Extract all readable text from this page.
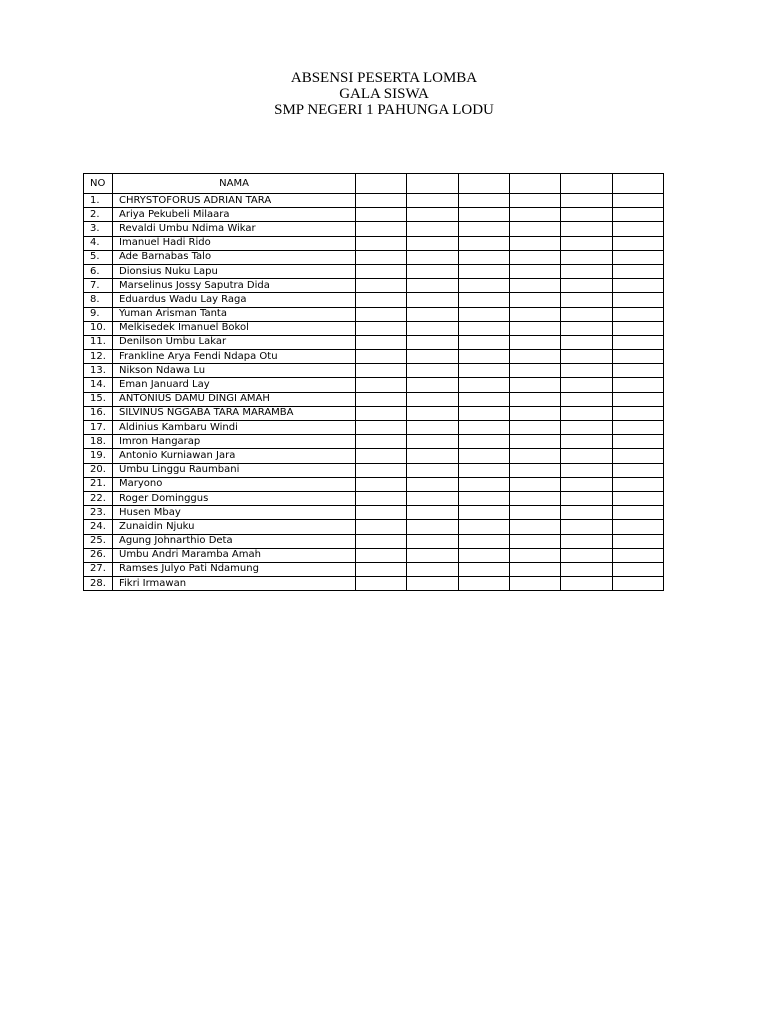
ABSENSI PESERTA LOMBA
GALA SISWA
SMP NEGERI 1 PAHUNGA LODU
NO	NAMA						
1.	CHRYSTOFORUS ADRIAN TARA						
2.	Ariya Pekubeli Milaara						
3.	Revaldi Umbu Ndima Wikar						
4.	Imanuel Hadi Rido						
5.	Ade Barnabas Talo						
6.	Dionsius Nuku Lapu						
7.	Marselinus Jossy Saputra Dida						
8.	Eduardus Wadu Lay Raga						
9.	Yuman Arisman Tanta						
10.	Melkisedek Imanuel Bokol						
11.	Denilson Umbu Lakar						
12.	Frankline Arya Fendi Ndapa Otu						
13.	Nikson Ndawa Lu						
14.	Eman Januard Lay						
15.	ANTONIUS DAMU DINGI AMAH						
16.	SILVINUS NGGABA TARA MARAMBA						
17.	Aldinius Kambaru Windi						
18.	Imron Hangarap						
19.	Antonio Kurniawan Jara						
20.	Umbu Linggu Raumbani						
21.	Maryono						
22.	Roger Dominggus						
23.	Husen Mbay						
24.	Zunaidin Njuku						
25.	Agung Johnarthio Deta						
26.	Umbu Andri Maramba Amah						
27.	Ramses Julyo Pati Ndamung						
28.	Fikri Irmawan						
